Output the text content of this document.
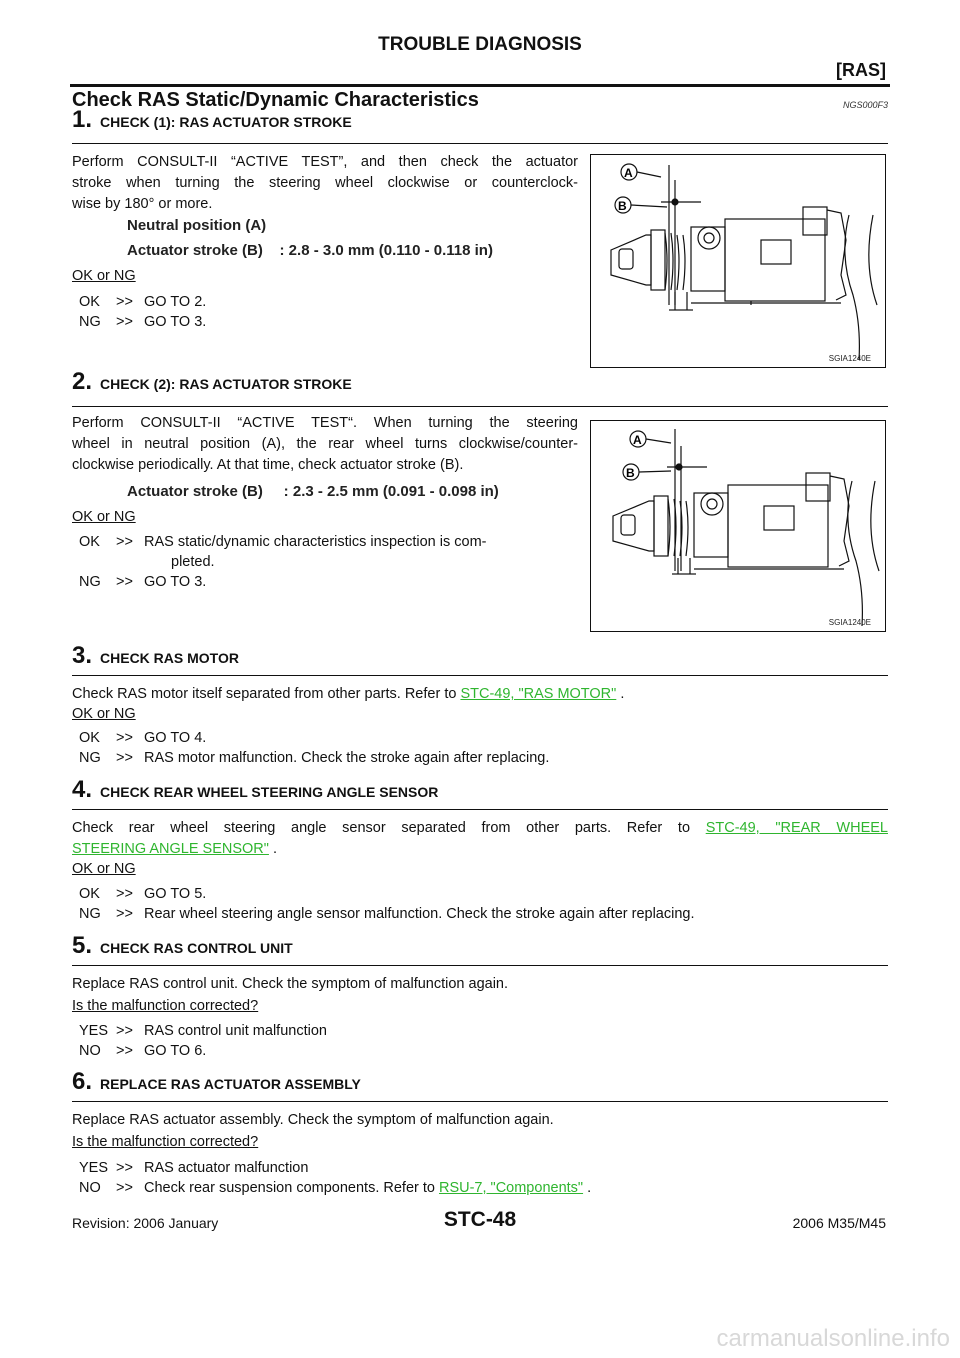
TROUBLE DIAGNOSIS
[RAS]
Check RAS Static/Dynamic Characteristics	NGS000F3
1. CHECK (1): RAS ACTUATOR STROKE
Perform CONSULT-II “ACTIVE TEST”, and then check the actuator
stroke when turning the steering wheel clockwise or counterclock-
wise by 180° or more.
Neutral position (A)
Actuator stroke (B)    : 2.8 - 3.0 mm (0.110 - 0.118 in)
OK or NG
OK >> GO TO 2.
NG >> GO TO 3.
A
B
SGIA1240E
2. CHECK (2): RAS ACTUATOR STROKE
Perform CONSULT-II “ACTIVE TEST“. When turning the steering
wheel in neutral position (A), the rear wheel turns clockwise/counter-
clockwise periodically. At that time, check actuator stroke (B).
Actuator stroke (B)     : 2.3 - 2.5 mm (0.091 - 0.098 in)
OK or NG
OK >> RAS static/dynamic characteristics inspection is com-
pleted.
NG >> GO TO 3.
A
B
SGIA1240E
3. CHECK RAS MOTOR
Check RAS motor itself separated from other parts. Refer to STC-49, "RAS MOTOR" .
OK or NG
OK >> GO TO 4.
NG >> RAS motor malfunction. Check the stroke again after replacing.
4. CHECK REAR WHEEL STEERING ANGLE SENSOR
Check rear wheel steering angle sensor separated from other parts. Refer to STC-49, "REAR WHEEL
STEERING ANGLE SENSOR" .
OK or NG
OK >> GO TO 5.
NG >> Rear wheel steering angle sensor malfunction. Check the stroke again after replacing.
5. CHECK RAS CONTROL UNIT
Replace RAS control unit. Check the symptom of malfunction again.
Is the malfunction corrected?
YES >> RAS control unit malfunction
NO >> GO TO 6.
6. REPLACE RAS ACTUATOR ASSEMBLY
Replace RAS actuator assembly. Check the symptom of malfunction again.
Is the malfunction corrected?
YES >> RAS actuator malfunction
NO >> Check rear suspension components. Refer to RSU-7, "Components" .
Revision: 2006 January	STC-48	2006 M35/M45
carmanualsonline.info
